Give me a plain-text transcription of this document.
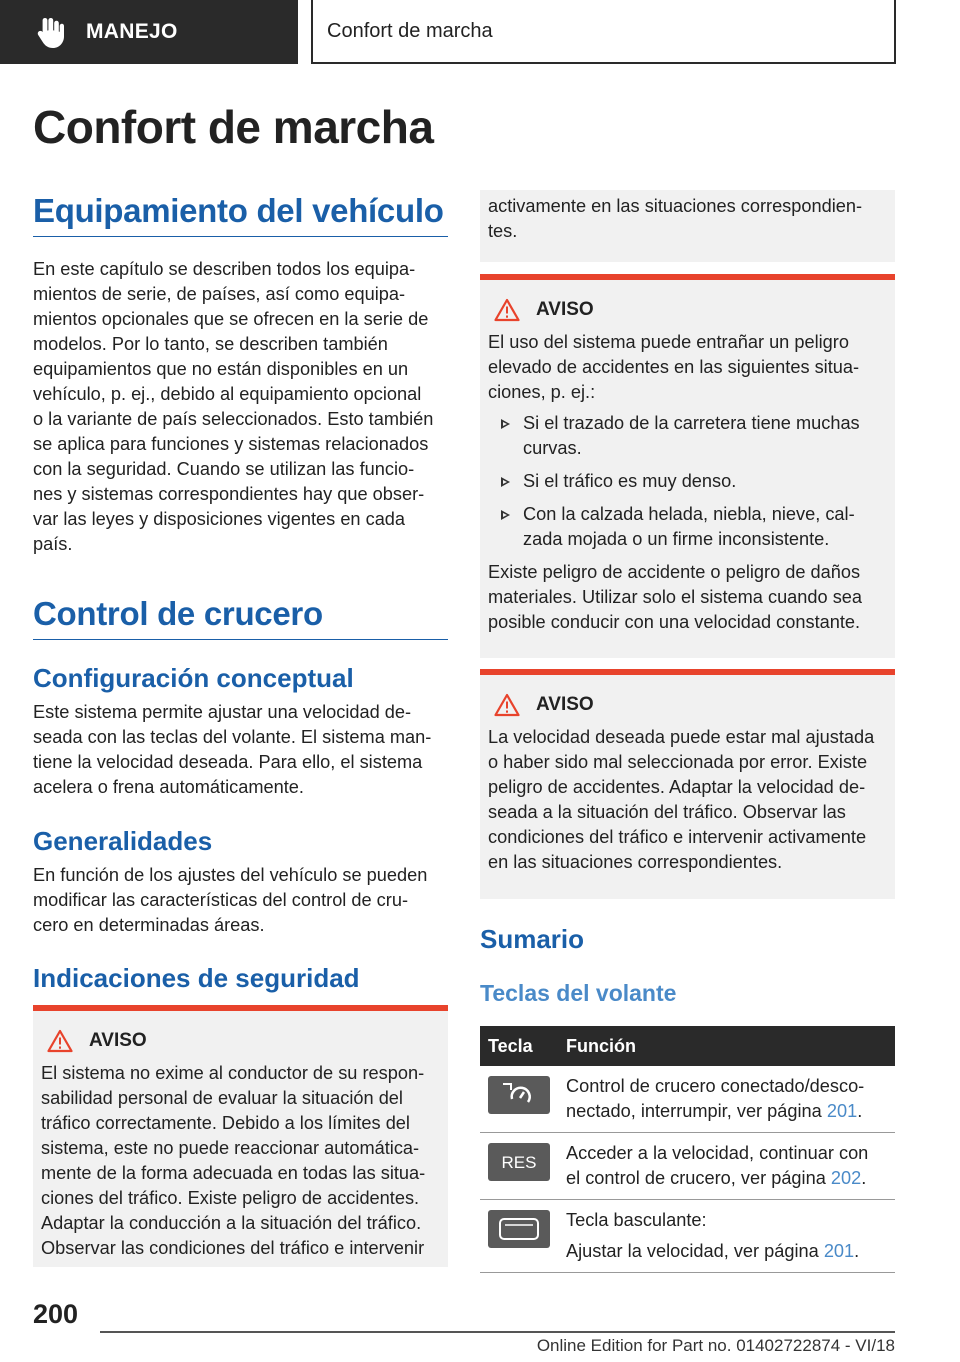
MANEJO	Confort de marcha
Confort de marcha
Equipamiento del vehículo
En este capítulo se describen todos los equipa-
mientos de serie, de países, así como equipa-
mientos opcionales que se ofrecen en la serie de
modelos. Por lo tanto, se describen también
equipamientos que no están disponibles en un
vehículo, p. ej., debido al equipamiento opcional
o la variante de país seleccionados. Esto también
se aplica para funciones y sistemas relacionados
con la seguridad. Cuando se utilizan las funcio-
nes y sistemas correspondientes hay que obser-
var las leyes y disposiciones vigentes en cada
país.
Control de crucero
Configuración conceptual
Este sistema permite ajustar una velocidad de-
seada con las teclas del volante. El sistema man-
tiene la velocidad deseada. Para ello, el sistema
acelera o frena automáticamente.
Generalidades
En función de los ajustes del vehículo se pueden
modificar las características del control de cru-
cero en determinadas áreas.
Indicaciones de seguridad
AVISO
El sistema no exime al conductor de su respon-
sabilidad personal de evaluar la situación del
tráfico correctamente. Debido a los límites del
sistema, este no puede reaccionar automática-
mente de la forma adecuada en todas las situa-
ciones del tráfico. Existe peligro de accidentes.
Adaptar la conducción a la situación del tráfico.
Observar las condiciones del tráfico e intervenir
activamente en las situaciones correspondien-
tes.
AVISO
El uso del sistema puede entrañar un peligro
elevado de accidentes en las siguientes situa-
ciones, p. ej.:
Si el trazado de la carretera tiene muchas
curvas.
Si el tráfico es muy denso.
Con la calzada helada, niebla, nieve, cal-
zada mojada o un firme inconsistente.
Existe peligro de accidente o peligro de daños
materiales. Utilizar solo el sistema cuando sea
posible conducir con una velocidad constante.
AVISO
La velocidad deseada puede estar mal ajustada
o haber sido mal seleccionada por error. Existe
peligro de accidentes. Adaptar la velocidad de-
seada a la situación del tráfico. Observar las
condiciones del tráfico e intervenir activamente
en las situaciones correspondientes.
Sumario
Teclas del volante
Tecla	Función

	Control de crucero conectado/desco-
nectado, interrumpir, ver página 201.

RES	Acceder a la velocidad, continuar con
el control de crucero, ver página 202.

Tecla basculante:
Ajustar la velocidad, ver página 201.
200
Online Edition for Part no. 01402722874 - VI/18
